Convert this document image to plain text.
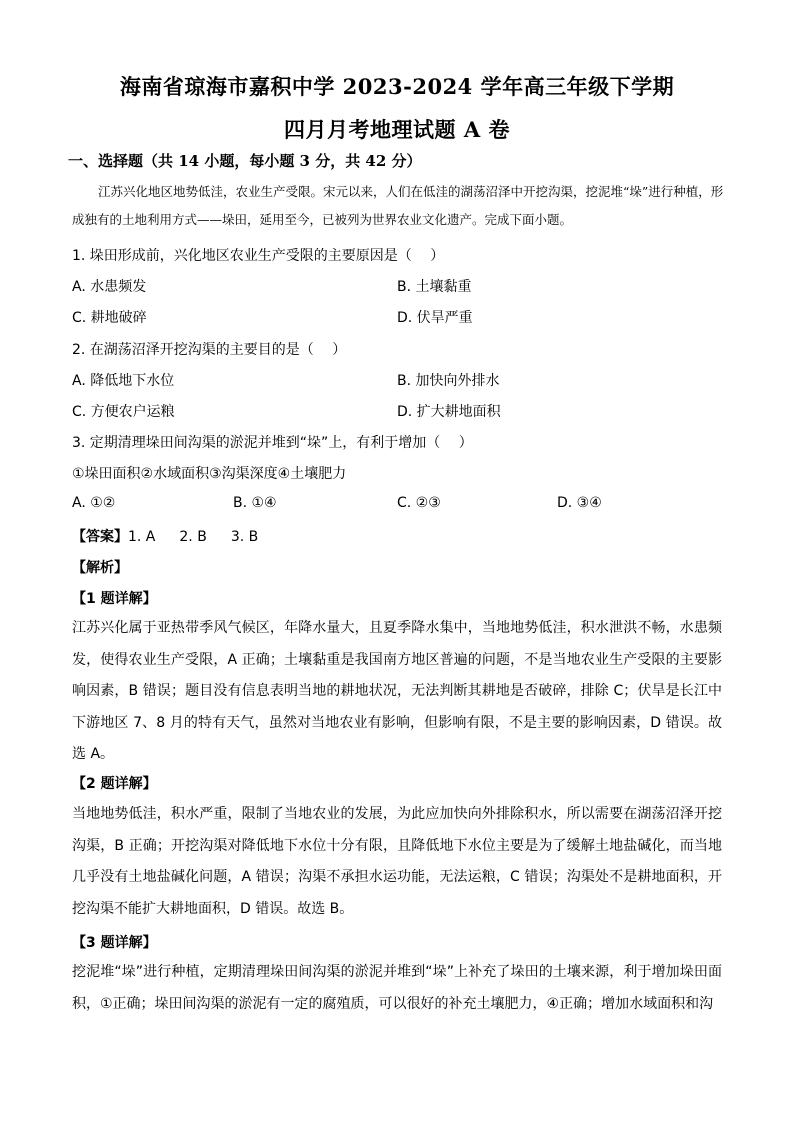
海南省琼海市嘉积中学 2023-2024 学年高三年级下学期
四月月考地理试题 A 卷
一、选择题（共 14 小题，每小题 3 分，共 42 分）
江苏兴化地区地势低洼，农业生产受限。宋元以来，人们在低洼的湖荡沼泽中开挖沟渠，挖泥堆“垛”进行种植，形成独有的土地利用方式——垛田，延用至今，已被列为世界农业文化遗产。完成下面小题。
1. 垛田形成前，兴化地区农业生产受限的主要原因是（　 ）
A. 水患频发	B. 土壤黏重
C. 耕地破碎	D. 伏旱严重
2. 在湖荡沼泽开挖沟渠的主要目的是（　 ）
A. 降低地下水位	B. 加快向外排水
C. 方便农户运粮	D. 扩大耕地面积
3. 定期清理垛田间沟渠的淤泥并堆到“垛”上，有利于增加（　 ）
①垛田面积②水域面积③沟渠深度④土壤肥力
A. ①②	B. ①④	C. ②③	D. ③④
【答案】1. A 2. B 3. B
【解析】
【1 题详解】
江苏兴化属于亚热带季风气候区，年降水量大，且夏季降水集中，当地地势低洼，积水泄洪不畅，水患频发，使得农业生产受限，A 正确；土壤黏重是我国南方地区普遍的问题，不是当地农业生产受限的主要影响因素，B 错误；题目没有信息表明当地的耕地状况，无法判断其耕地是否破碎，排除 C；伏旱是长江中下游地区 7、8 月的特有天气，虽然对当地农业有影响，但影响有限，不是主要的影响因素，D 错误。故选 A。
【2 题详解】
当地地势低洼，积水严重，限制了当地农业的发展，为此应加快向外排除积水，所以需要在湖荡沼泽开挖沟渠，B 正确；开挖沟渠对降低地下水位十分有限，且降低地下水位主要是为了缓解土地盐碱化，而当地几乎没有土地盐碱化问题，A 错误；沟渠不承担水运功能，无法运粮，C 错误；沟渠处不是耕地面积，开挖沟渠不能扩大耕地面积，D 错误。故选 B。
【3 题详解】
挖泥堆“垛”进行种植，定期清理垛田间沟渠的淤泥并堆到“垛”上补充了垛田的土壤来源，利于增加垛田面积，①正确；垛田间沟渠的淤泥有一定的腐殖质，可以很好的补充土壤肥力，④正确；增加水域面积和沟
